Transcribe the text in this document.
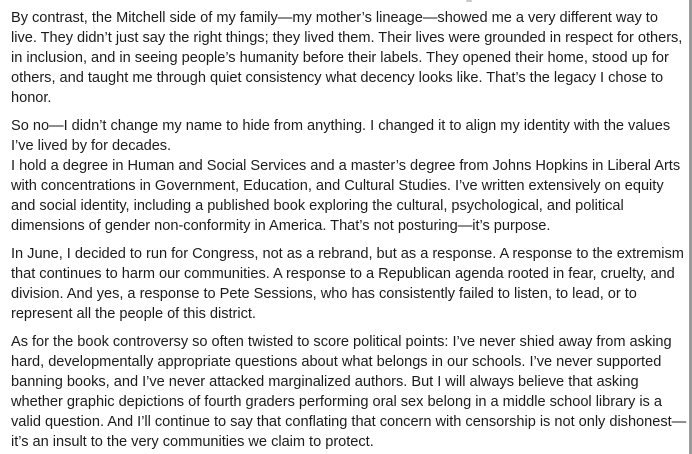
By contrast, the Mitchell side of my family—my mother’s lineage—showed me a very different way to live. They didn’t just say the right things; they lived them. Their lives were grounded in respect for others, in inclusion, and in seeing people’s humanity before their labels. They opened their home, stood up for others, and taught me through quiet consistency what decency looks like. That’s the legacy I chose to honor.

So no—I didn’t change my name to hide from anything. I changed it to align my identity with the values I’ve lived by for decades.

I hold a degree in Human and Social Services and a master’s degree from Johns Hopkins in Liberal Arts with concentrations in Government, Education, and Cultural Studies. I’ve written extensively on equity and social identity, including a published book exploring the cultural, psychological, and political dimensions of gender non-conformity in America. That’s not posturing—it’s purpose.

In June, I decided to run for Congress, not as a rebrand, but as a response. A response to the extremism that continues to harm our communities. A response to a Republican agenda rooted in fear, cruelty, and division. And yes, a response to Pete Sessions, who has consistently failed to listen, to lead, or to represent all the people of this district.

As for the book controversy so often twisted to score political points: I’ve never shied away from asking hard, developmentally appropriate questions about what belongs in our schools. I’ve never supported banning books, and I’ve never attacked marginalized authors. But I will always believe that asking whether graphic depictions of fourth graders performing oral sex belong in a middle school library is a valid question. And I’ll continue to say that conflating that concern with censorship is not only dishonest—it’s an insult to the very communities we claim to protect.
